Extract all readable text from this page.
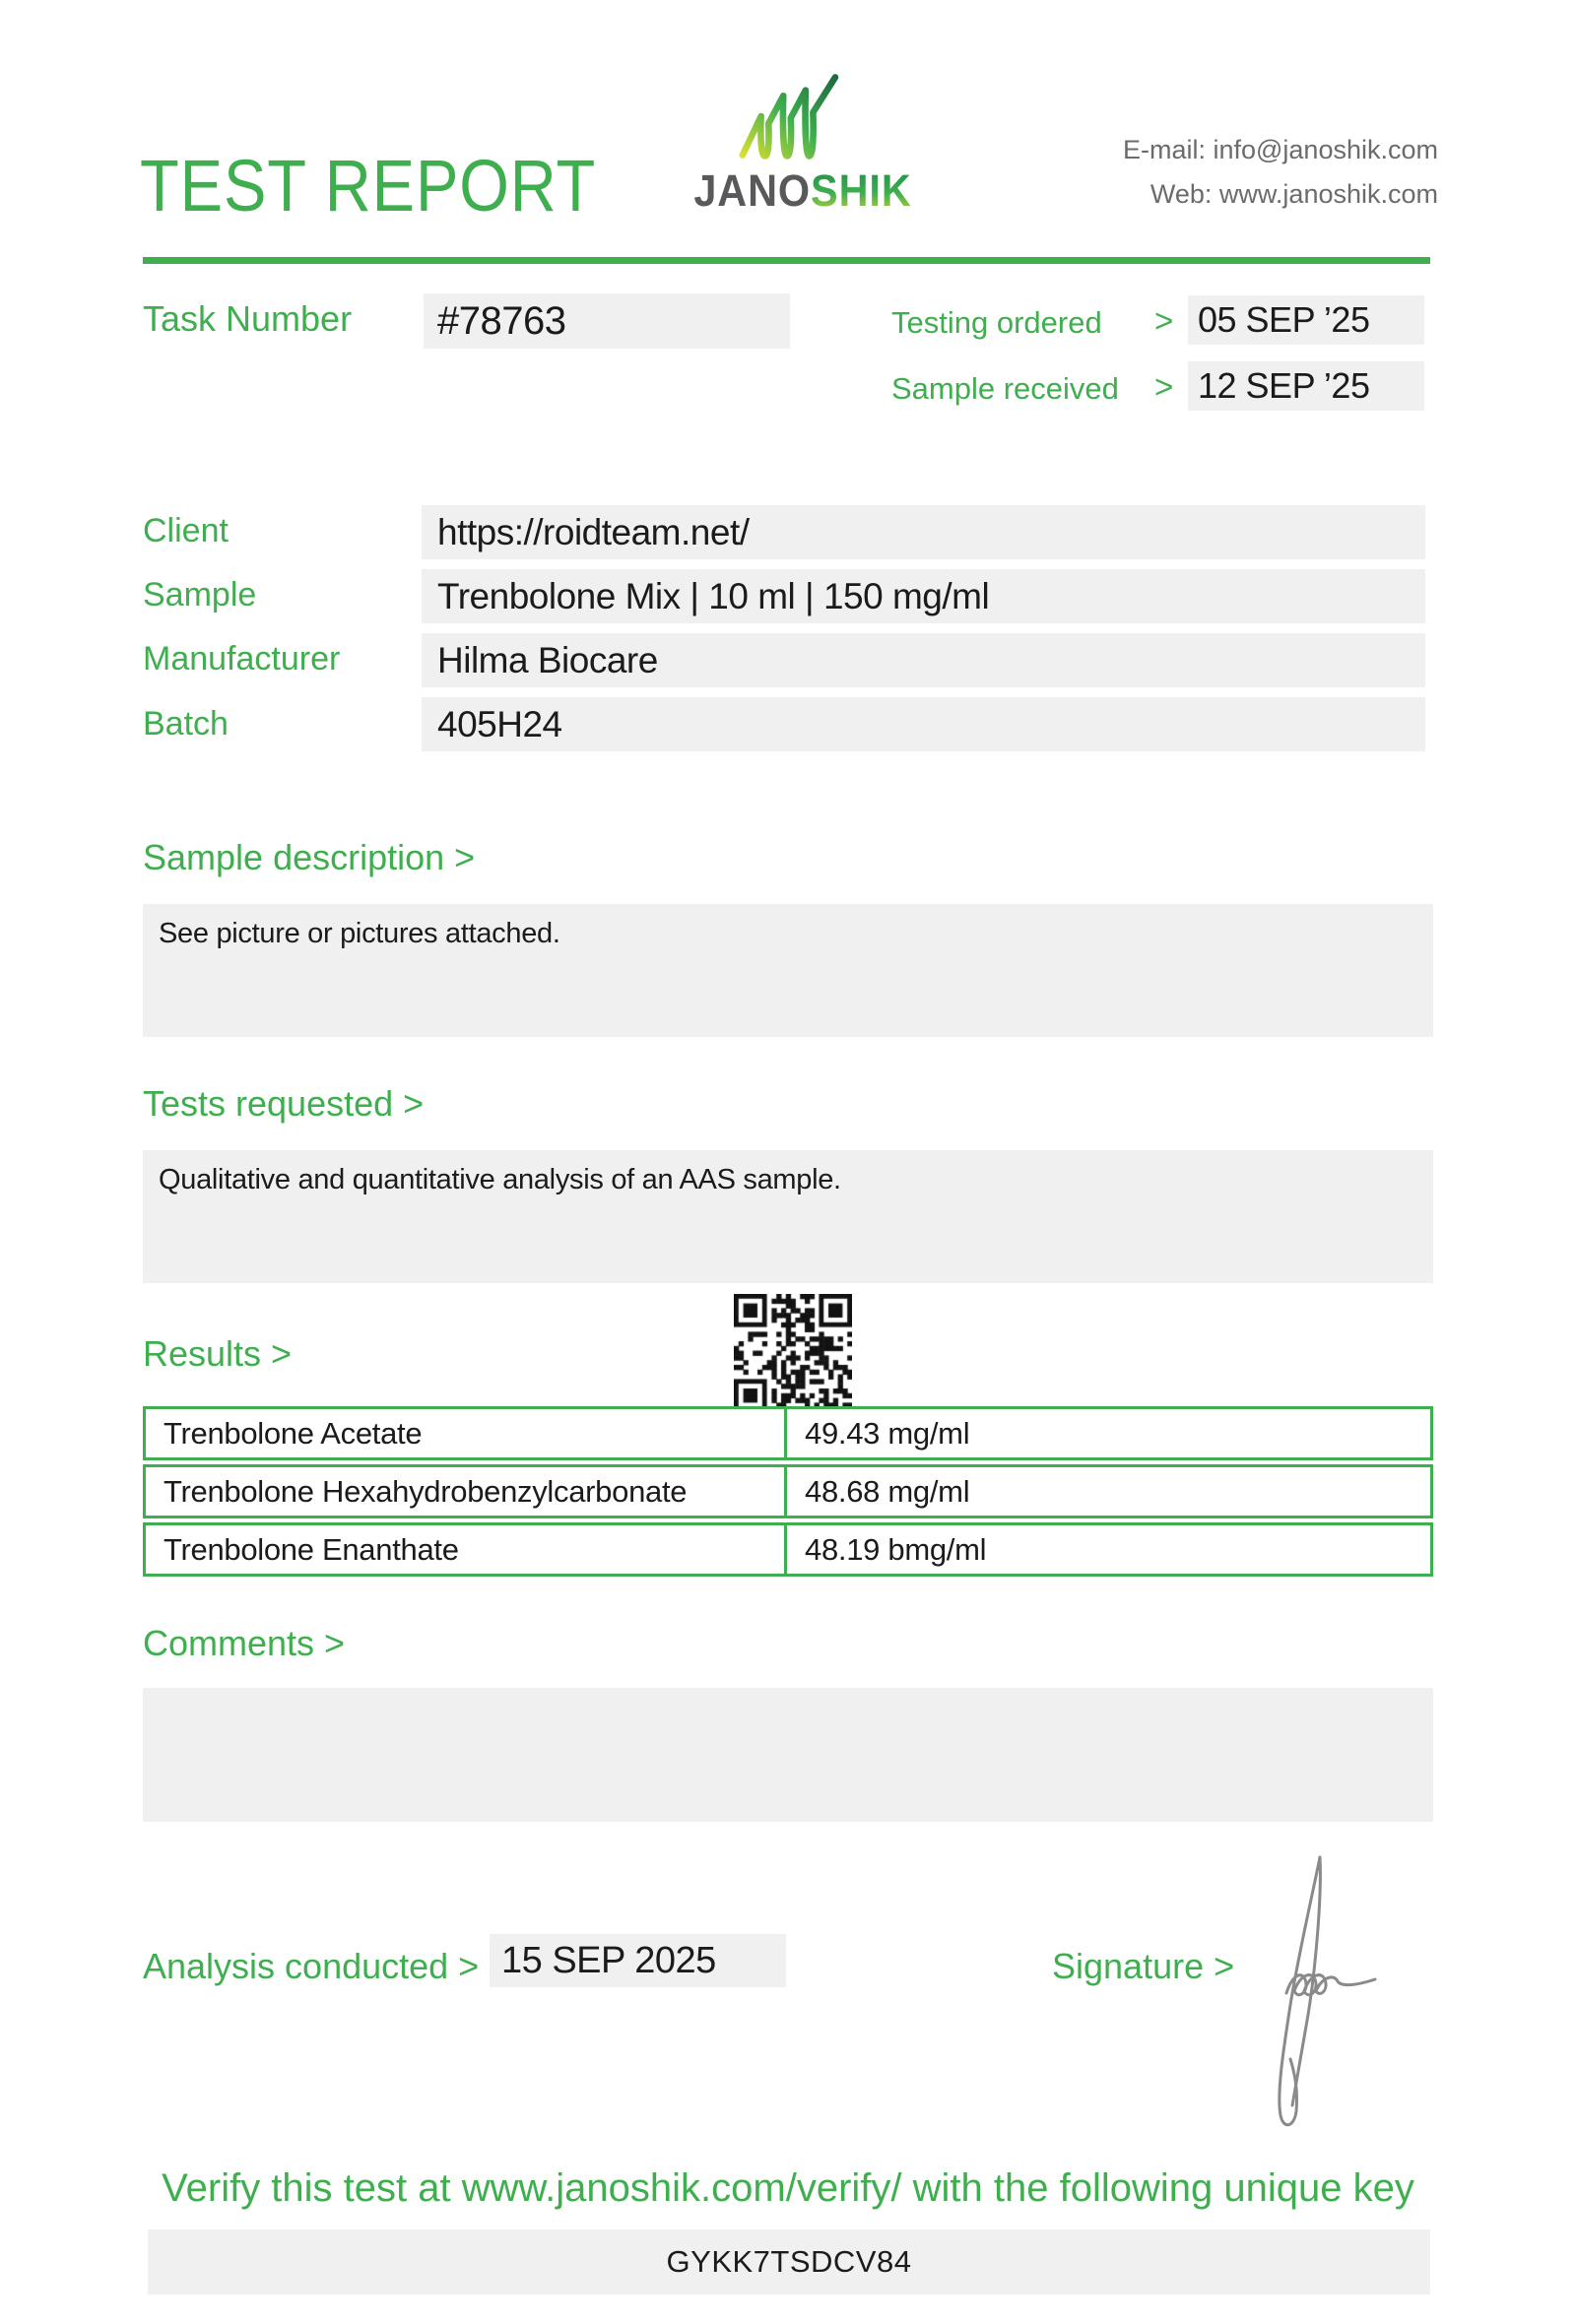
TEST REPORT JANOSHIK
E-mail: info@janoshik.com
Web: www.janoshik.com
Task Number	#78763	Testing ordered > 05 SEP ’25
Sample received > 12 SEP ’25
Client	https://roidteam.net/
Sample	Trenbolone Mix | 10 ml | 150 mg/ml
Manufacturer	Hilma Biocare
Batch	405H24
Sample description >
See picture or pictures attached.
Tests requested >
Qualitative and quantitative analysis of an AAS sample.
Results >
Trenbolone Acetate	49.43 mg/ml
Trenbolone Hexahydrobenzylcarbonate	48.68 mg/ml
Trenbolone Enanthate	48.19 bmg/ml
Comments >
Analysis conducted > 15 SEP 2025	Signature >
Verify this test at www.janoshik.com/verify/ with the following unique key
GYKK7TSDCV84
